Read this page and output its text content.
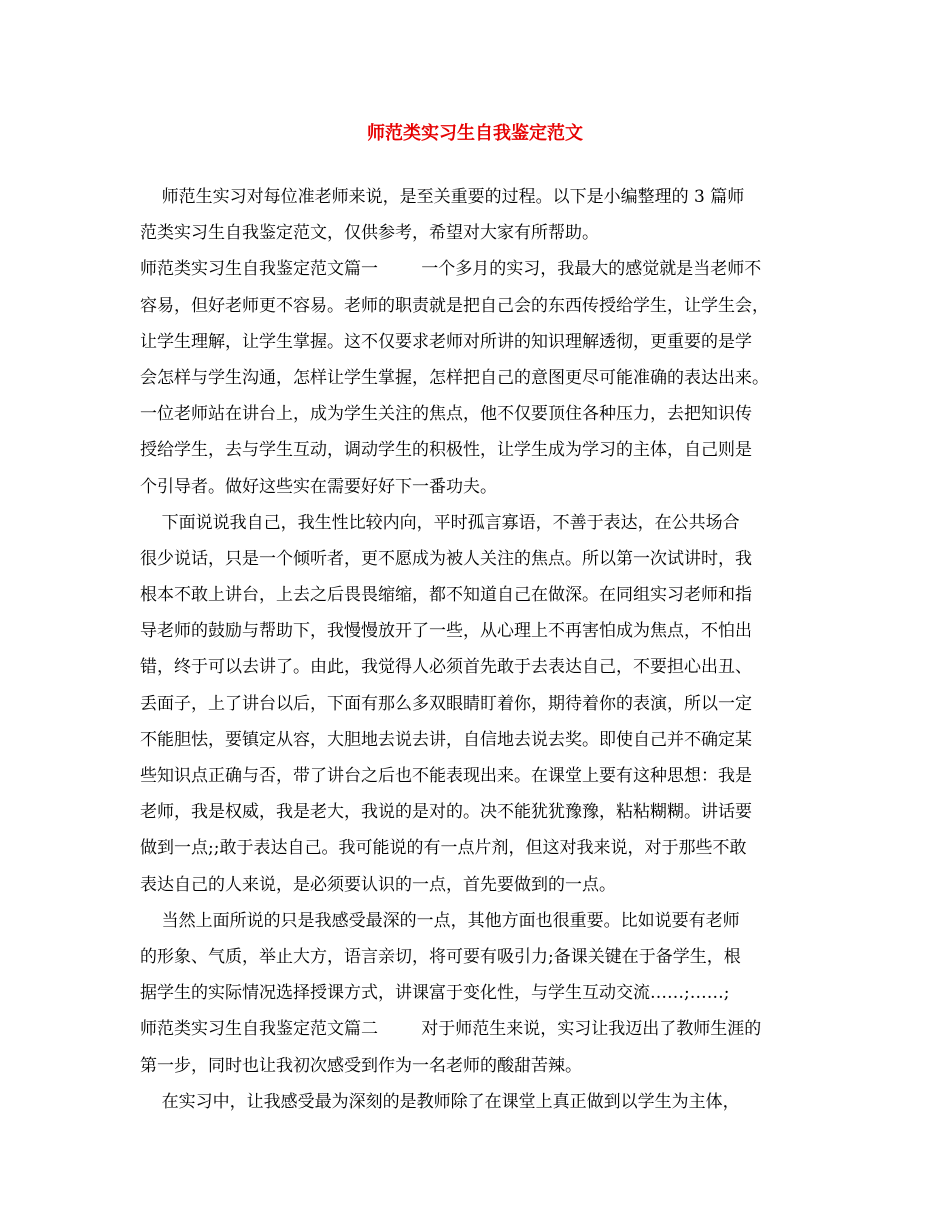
师范类实习生自我鉴定范文
师范生实习对每位准老师来说，是至关重要的过程。以下是小编整理的 3 篇师
范类实习生自我鉴定范文，仅供参考，希望对大家有所帮助。
师范类实习生自我鉴定范文篇一        一个多月的实习，我最大的感觉就是当老师不
容易，但好老师更不容易。老师的职责就是把自己会的东西传授给学生，让学生会，
让学生理解，让学生掌握。这不仅要求老师对所讲的知识理解透彻，更重要的是学
会怎样与学生沟通，怎样让学生掌握，怎样把自己的意图更尽可能准确的表达出来。
一位老师站在讲台上，成为学生关注的焦点，他不仅要顶住各种压力，去把知识传
授给学生，去与学生互动，调动学生的积极性，让学生成为学习的主体，自己则是
个引导者。做好这些实在需要好好下一番功夫。
下面说说我自己，我生性比较内向，平时孤言寡语，不善于表达，在公共场合
很少说话，只是一个倾听者，更不愿成为被人关注的焦点。所以第一次试讲时，我
根本不敢上讲台，上去之后畏畏缩缩，都不知道自己在做深。在同组实习老师和指
导老师的鼓励与帮助下，我慢慢放开了一些，从心理上不再害怕成为焦点，不怕出
错，终于可以去讲了。由此，我觉得人必须首先敢于去表达自己，不要担心出丑、
丢面子，上了讲台以后，下面有那么多双眼睛盯着你，期待着你的表演，所以一定
不能胆怯，要镇定从容，大胆地去说去讲，自信地去说去奖。即使自己并不确定某
些知识点正确与否，带了讲台之后也不能表现出来。在课堂上要有这种思想：我是
老师，我是权威，我是老大，我说的是对的。决不能犹犹豫豫，粘粘糊糊。讲话要
做到一点;;敢于表达自己。我可能说的有一点片剂，但这对我来说，对于那些不敢
表达自己的人来说，是必须要认识的一点，首先要做到的一点。
当然上面所说的只是我感受最深的一点，其他方面也很重要。比如说要有老师
的形象、气质，举止大方，语言亲切，将可要有吸引力;备课关键在于备学生，根
据学生的实际情况选择授课方式，讲课富于变化性，与学生互动交流……;……;
师范类实习生自我鉴定范文篇二        对于师范生来说，实习让我迈出了教师生涯的
第一步，同时也让我初次感受到作为一名老师的酸甜苦辣。
在实习中，让我感受最为深刻的是教师除了在课堂上真正做到以学生为主体，
